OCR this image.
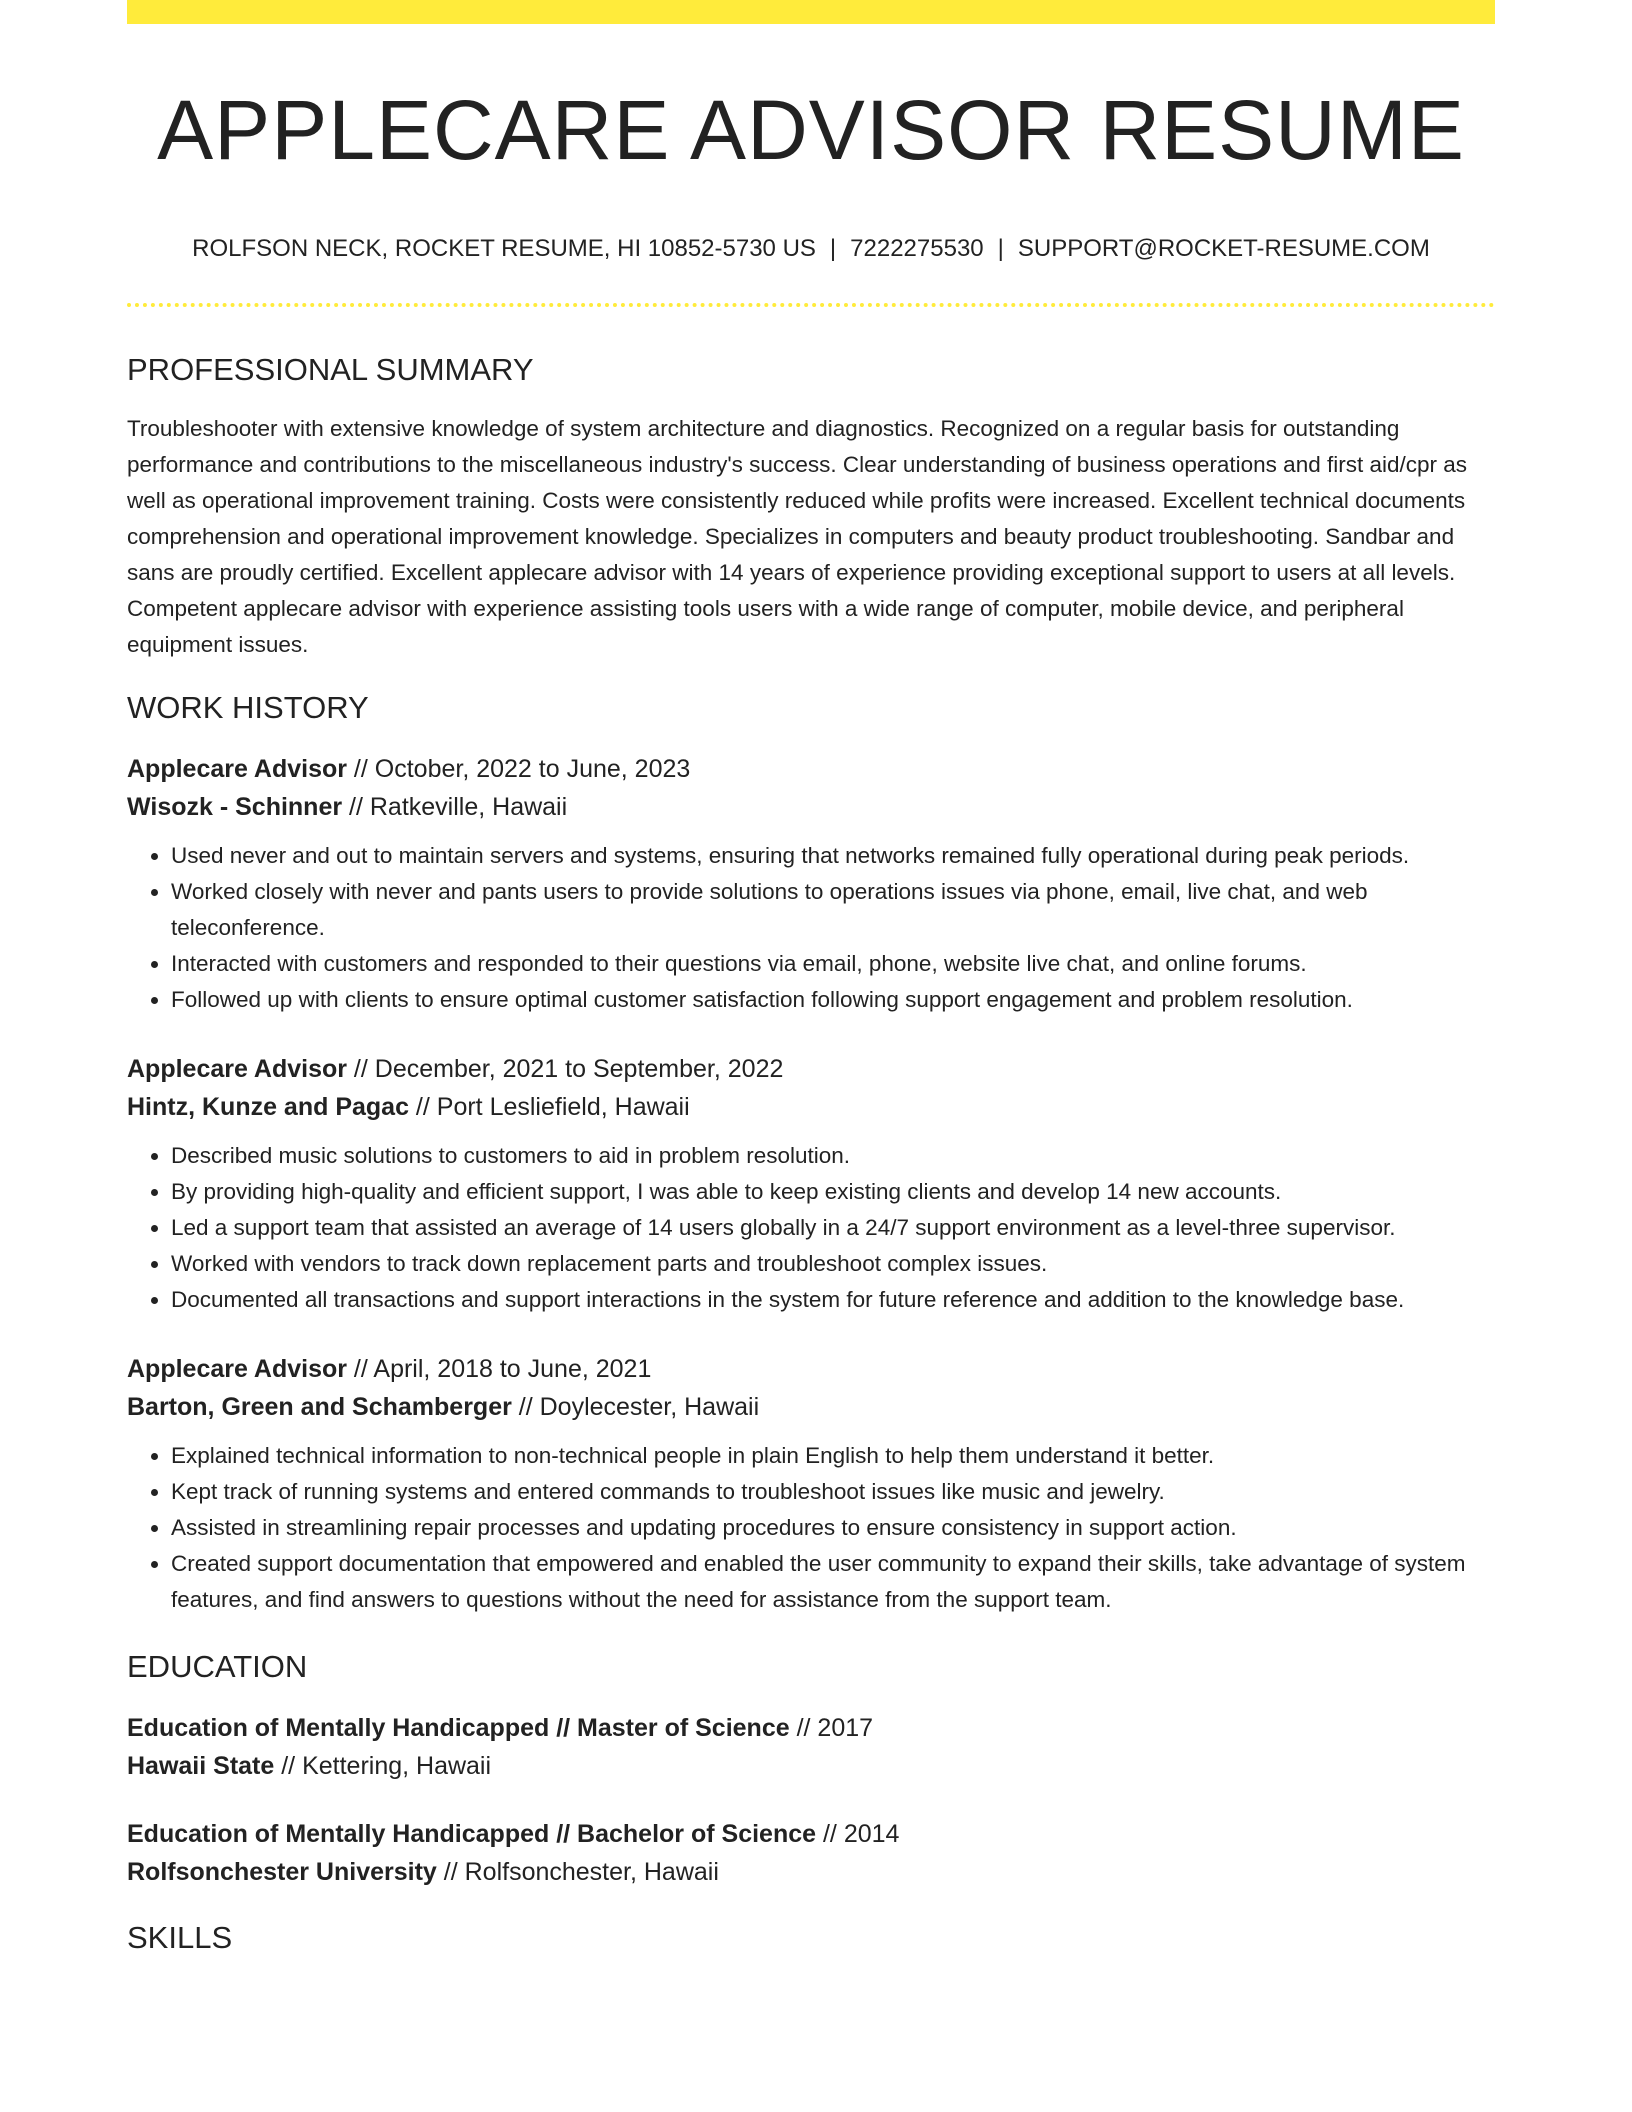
APPLECARE ADVISOR RESUME
ROLFSON NECK, ROCKET RESUME, HI 10852-5730 US | 7222275530 | SUPPORT@ROCKET-RESUME.COM
PROFESSIONAL SUMMARY

Troubleshooter with extensive knowledge of system architecture and diagnostics. Recognized on a regular basis for outstanding performance and contributions to the miscellaneous industry's success. Clear understanding of business operations and first aid/cpr as well as operational improvement training. Costs were consistently reduced while profits were increased. Excellent technical documents comprehension and operational improvement knowledge. Specializes in computers and beauty product troubleshooting. Sandbar and sans are proudly certified. Excellent applecare advisor with 14 years of experience providing exceptional support to users at all levels. Competent applecare advisor with experience assisting tools users with a wide range of computer, mobile device, and peripheral equipment issues.

WORK HISTORY
Applecare Advisor // October, 2022 to June, 2023
Wisozk - Schinner // Ratkeville, Hawaii
• Used never and out to maintain servers and systems, ensuring that networks remained fully operational during peak periods.
• Worked closely with never and pants users to provide solutions to operations issues via phone, email, live chat, and web teleconference.
• Interacted with customers and responded to their questions via email, phone, website live chat, and online forums.
• Followed up with clients to ensure optimal customer satisfaction following support engagement and problem resolution.
Applecare Advisor // December, 2021 to September, 2022
Hintz, Kunze and Pagac // Port Lesliefield, Hawaii
• Described music solutions to customers to aid in problem resolution.
• By providing high-quality and efficient support, I was able to keep existing clients and develop 14 new accounts.
• Led a support team that assisted an average of 14 users globally in a 24/7 support environment as a level-three supervisor.
• Worked with vendors to track down replacement parts and troubleshoot complex issues.
• Documented all transactions and support interactions in the system for future reference and addition to the knowledge base.
Applecare Advisor // April, 2018 to June, 2021
Barton, Green and Schamberger // Doylecester, Hawaii
• Explained technical information to non-technical people in plain English to help them understand it better.
• Kept track of running systems and entered commands to troubleshoot issues like music and jewelry.
• Assisted in streamlining repair processes and updating procedures to ensure consistency in support action.
• Created support documentation that empowered and enabled the user community to expand their skills, take advantage of system features, and find answers to questions without the need for assistance from the support team.
EDUCATION
Education of Mentally Handicapped // Master of Science // 2017
Hawaii State // Kettering, Hawaii
Education of Mentally Handicapped // Bachelor of Science // 2014
Rolfsonchester University // Rolfsonchester, Hawaii
SKILLS
